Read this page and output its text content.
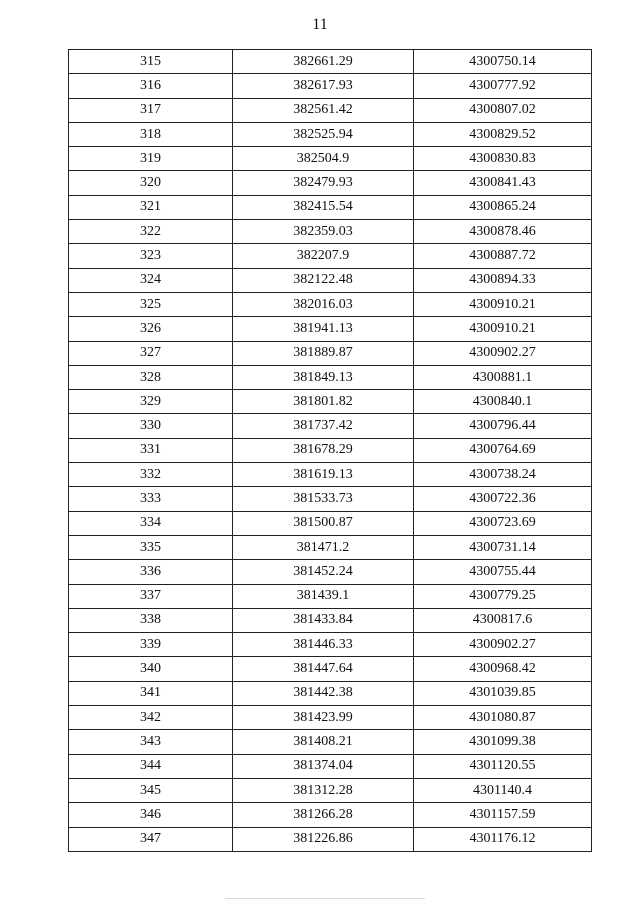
11
315	382661.29	4300750.14
316	382617.93	4300777.92
317	382561.42	4300807.02
318	382525.94	4300829.52
319	382504.9	4300830.83
320	382479.93	4300841.43
321	382415.54	4300865.24
322	382359.03	4300878.46
323	382207.9	4300887.72
324	382122.48	4300894.33
325	382016.03	4300910.21
326	381941.13	4300910.21
327	381889.87	4300902.27
328	381849.13	4300881.1
329	381801.82	4300840.1
330	381737.42	4300796.44
331	381678.29	4300764.69
332	381619.13	4300738.24
333	381533.73	4300722.36
334	381500.87	4300723.69
335	381471.2	4300731.14
336	381452.24	4300755.44
337	381439.1	4300779.25
338	381433.84	4300817.6
339	381446.33	4300902.27
340	381447.64	4300968.42
341	381442.38	4301039.85
342	381423.99	4301080.87
343	381408.21	4301099.38
344	381374.04	4301120.55
345	381312.28	4301140.4
346	381266.28	4301157.59
347	381226.86	4301176.12
